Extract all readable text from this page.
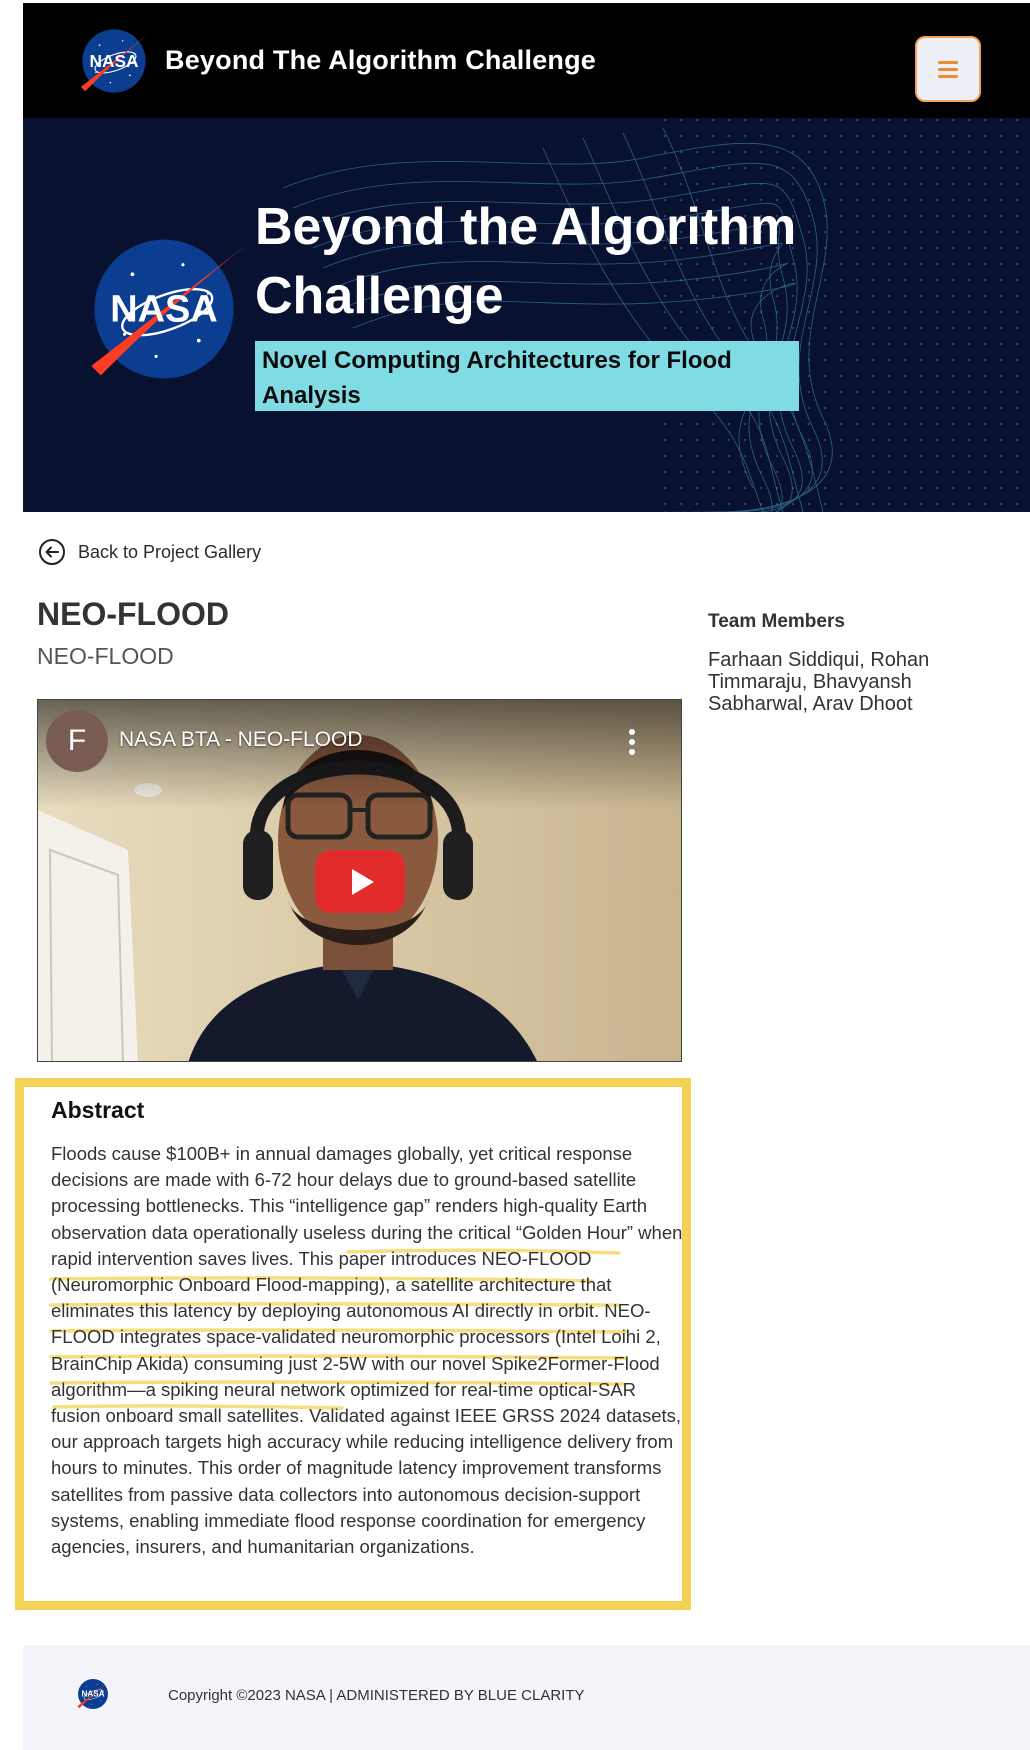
Beyond The Algorithm Challenge
Beyond the Algorithm Challenge
Novel Computing Architectures for Flood Analysis
Back to Project Gallery
NEO-FLOOD
NEO-FLOOD
F	NASA BTA - NEO-FLOOD
Team Members
Farhaan Siddiqui, Rohan Timmaraju, Bhavyansh Sabharwal, Arav Dhoot
Abstract
Floods cause $100B+ in annual damages globally, yet critical response decisions are made with 6-72 hour delays due to ground-based satellite processing bottlenecks. This “intelligence gap” renders high-quality Earth observation data operationally useless during the critical “Golden Hour” when rapid intervention saves lives. This paper introduces NEO-FLOOD (Neuromorphic Onboard Flood-mapping), a satellite architecture that eliminates this latency by deploying autonomous AI directly in orbit. NEO-FLOOD integrates space-validated neuromorphic processors (Intel Loihi 2, BrainChip Akida) consuming just 2-5W with our novel Spike2Former-Flood algorithm—a spiking neural network optimized for real-time optical-SAR fusion onboard small satellites. Validated against IEEE GRSS 2024 datasets, our approach targets high accuracy while reducing intelligence delivery from hours to minutes. This order of magnitude latency improvement transforms satellites from passive data collectors into autonomous decision-support systems, enabling immediate flood response coordination for emergency agencies, insurers, and humanitarian organizations.
Copyright ©2023 NASA | ADMINISTERED BY BLUE CLARITY
